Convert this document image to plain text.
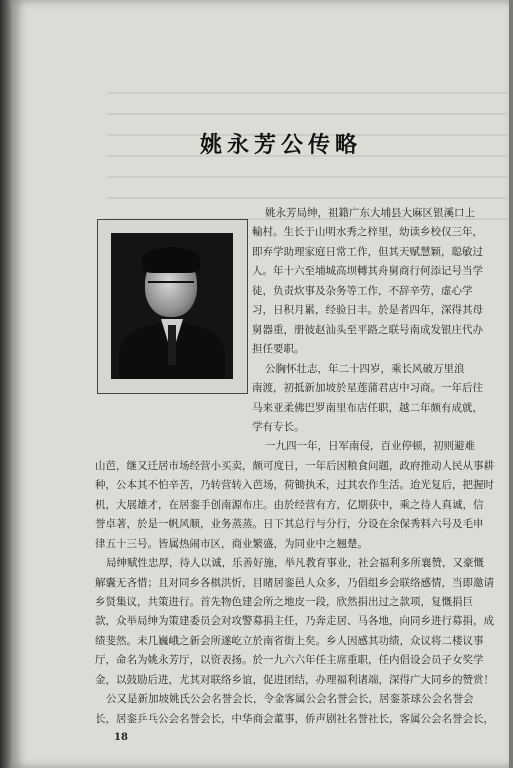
姚永芳公传略
姚永芳局绅，祖籍广东大埔县大麻区银溪口上
輸村。生长于山明水秀之梓里，幼读乡校仅三年，
即弃学助理家庭日常工作，但其天赋慧颖，聪敏过
人。年十六至埔城高坝轉其舟舅商行何添记号当学
徒，负责炊事及杂务等工作，不辞辛劳，虚心学
习，日积月累，经验日丰。於是者四年，深得其母
舅器重，册彼赵汕头至平路之联号南成发银庄代办
担任要职。
公胸怀壮志，年二十四岁，乘长风破万里浪
南渡，初抵新加坡於星莲蒲君店中习商。一年后往
马来亚柔佛巴罗南里布店任职，越二年颇有成就，
学有专长。
一九四一年，日军南侵，百业停顿，初则避难
山芭，继又迁居市场经营小买卖，颇可度日，一年后因粮食问题，政府推动人民从事耕
种，公本其不怕辛苦，乃转营转入芭场，荷锄执禾，过其农作生活。迨光复后，把握时
机，大展雄才，在居銮手创南源布庄。由於经营有方，亿期获中，乘之待人真诚，信
誉卓著，於是一帆风顺，业务蒸蒸。日下其总行与分行，分设在余保秀料六号及毛申
律五十三号。皆属热闹市区，商业繁盛，为同业中之翘楚。
局绅赋性忠厚，待人以诚，乐善好施，举凡教育事业，社会福利多所襄赞，又豪慨
解囊无吝惜；且对同乡各棋洪忻，目睹居銮邑人众多，乃倡组乡会联络感情，当即邀请
乡贤集议，共策进行。首先物色建会所之地皮一段，欣然捐出过之款项，复慨捐巨
款，众举局绅为策建委员会对攻警募捐主任，乃奔走居、马各地，向同乡进行募捐，成
绩斐然。未几巍峨之新会所遂屹立於南省街上矣。乡人因感其功绩，众议将二楼议事
厅，命名为姚永芳厅，以资表扬。於一九六六年任主席重职，任内倡设会员子女奖学
金，以鼓励后进，尤其对联络乡谊，促进团结，办理福利诸端，深得广大同乡的赞赏！
公又是新加坡姚氏公会名誉会长，令金客属公会名誉会长，居銮茶球公会名誉会
长，居銮乒乓公会名誉会长，中华商会董事，侨声剧社名誉社长，客属公会名誉会长，
18
